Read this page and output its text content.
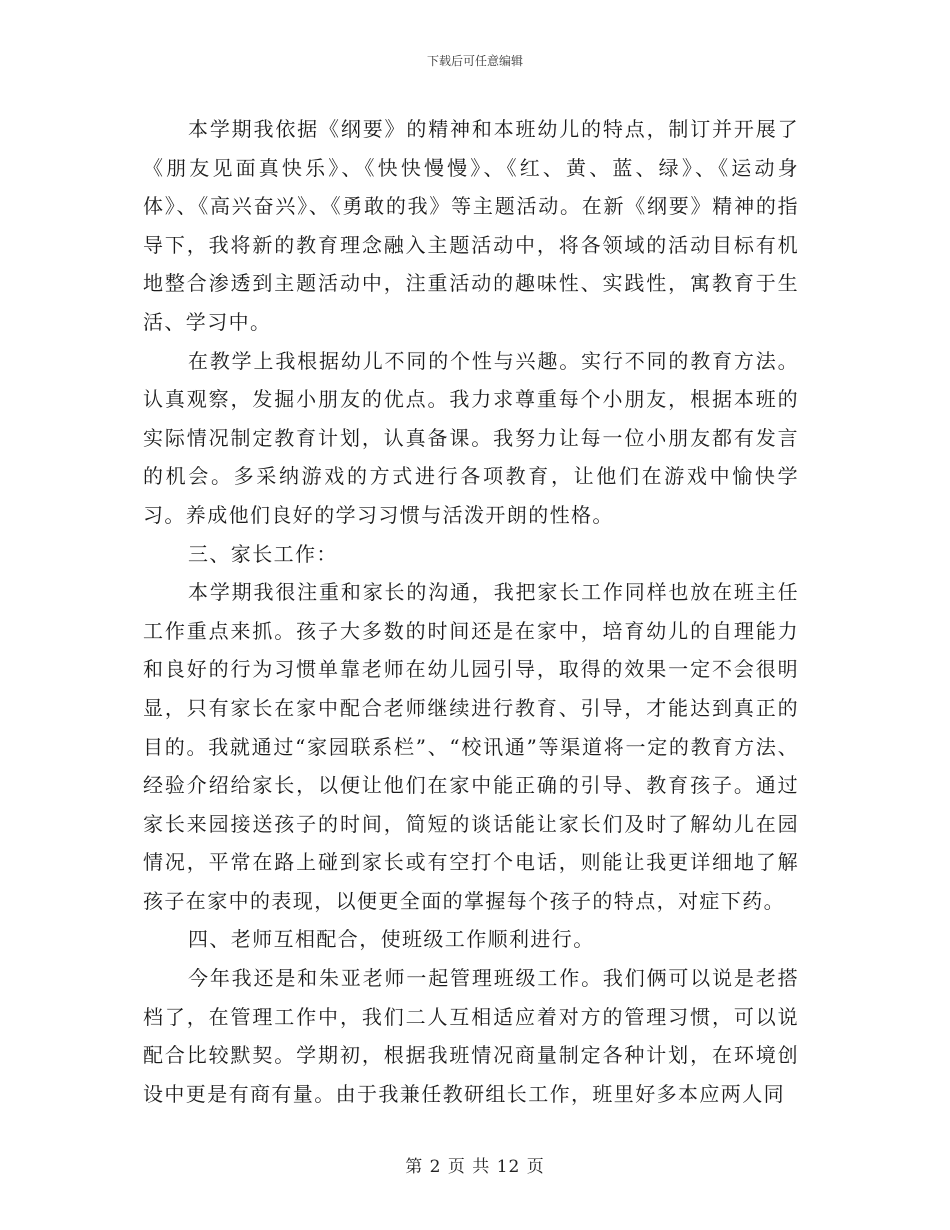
下载后可任意编辑

本学期我依据《纲要》的精神和本班幼儿的特点，制订并开展了《朋友见面真快乐》、《快快慢慢》、《红、黄、蓝、绿》、《运动身体》、《高兴奋兴》、《勇敢的我》等主题活动。在新《纲要》精神的指导下，我将新的教育理念融入主题活动中，将各领域的活动目标有机地整合渗透到主题活动中，注重活动的趣味性、实践性，寓教育于生活、学习中。

在教学上我根据幼儿不同的个性与兴趣。实行不同的教育方法。认真观察，发掘小朋友的优点。我力求尊重每个小朋友，根据本班的实际情况制定教育计划，认真备课。我努力让每一位小朋友都有发言的机会。多采纳游戏的方式进行各项教育，让他们在游戏中愉快学习。养成他们良好的学习习惯与活泼开朗的性格。

三、家长工作：

本学期我很注重和家长的沟通，我把家长工作同样也放在班主任工作重点来抓。孩子大多数的时间还是在家中，培育幼儿的自理能力和良好的行为习惯单靠老师在幼儿园引导，取得的效果一定不会很明显，只有家长在家中配合老师继续进行教育、引导，才能达到真正的目的。我就通过“家园联系栏”、“校讯通”等渠道将一定的教育方法、经验介绍给家长，以便让他们在家中能正确的引导、教育孩子。通过家长来园接送孩子的时间，简短的谈话能让家长们及时了解幼儿在园情况，平常在路上碰到家长或有空打个电话，则能让我更详细地了解孩子在家中的表现，以便更全面的掌握每个孩子的特点，对症下药。

四、老师互相配合，使班级工作顺利进行。

今年我还是和朱亚老师一起管理班级工作。我们俩可以说是老搭档了，在管理工作中，我们二人互相适应着对方的管理习惯，可以说配合比较默契。学期初，根据我班情况商量制定各种计划，在环境创设中更是有商有量。由于我兼任教研组长工作，班里好多本应两人同

第 2 页 共 12 页
